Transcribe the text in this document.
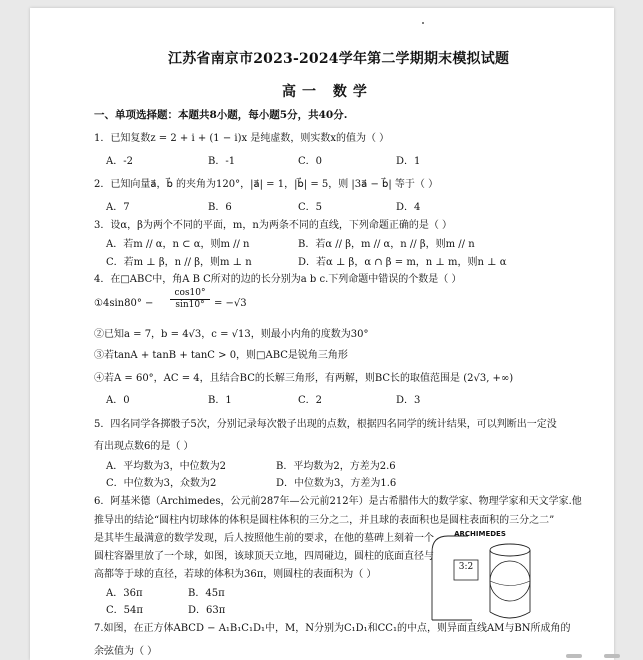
江苏省南京市2023-2024学年第二学期期末模拟试题
高一 数学
一、单项选择题：本题共8小题，每小题5分，共40分.
1．已知复数z = 2 + i + (1 − i)x 是纯虚数，则实数x的值为（ ）
A．-2	B．-1	C．0	D．1
2．已知向量a⃗，b⃗ 的夹角为120°，|a⃗| = 1，|b⃗| = 5，则 |3a⃗ − b⃗| 等于（ ）
A．7	B．6	C．5	D．4
3．设α，β为两个不同的平面，m，n为两条不同的直线，下列命题正确的是（ ）
A．若m // α，n ⊂ α，则m // n	B．若α // β，m // α，n // β，则m // n
C．若m ⊥ β，n // β，则m ⊥ n	D．若α ⊥ β，α ∩ β = m，n ⊥ m，则n ⊥ α
4．在□ABC中，角A B C所对的边的长分别为a b c.下列命题中错误的个数是（ ）
①4sin80° − $\frac{\cos 10^\circ}{\sin 10^\circ} = -√3$
②已知a = 7，b = 4√3，c = √13，则最小内角的度数为30°
③若tanA + tanB + tanC > 0，则□ABC是锐角三角形
④若A = 60°，AC = 4，且结合BC的长解三角形，有两解，则BC长的取值范围是 (2√3, +∞)
A．0	B．1	C．2	D．3
5．四名同学各掷骰子5次，分别记录每次骰子出现的点数，根据四名同学的统计结果，可以判断出一定没
有出现点数6的是（ ）
A．平均数为3，中位数为2	B．平均数为2，方差为2.6
C．中位数为3，众数为2	D．中位数为3，方差为1.6
6．阿基米德（Archimedes，公元前287年—公元前212年）是古希腊伟大的数学家、物理学家和天文学家.他
推导出的结论“圆柱内切球体的体积是圆柱体积的三分之二，并且球的表面积也是圆柱表面积的三分之二”
是其毕生最满意的数学发现，后人按照他生前的要求，在他的墓碑上刻着一个
圆柱容器里放了一个球，如图，该球顶天立地，四周碰边，圆柱的底面直径与
高都等于球的直径，若球的体积为36π，则圆柱的表面积为（ ）
A．36π	B．45π
C．54π	D．63π
ARCHIMEDES
3:2
7.如图，在正方体ABCD − A₁B₁C₁D₁中，M，N分别为C₁D₁和CC₁的中点，则异面直线AM与BN所成角的
余弦值为（ ）
